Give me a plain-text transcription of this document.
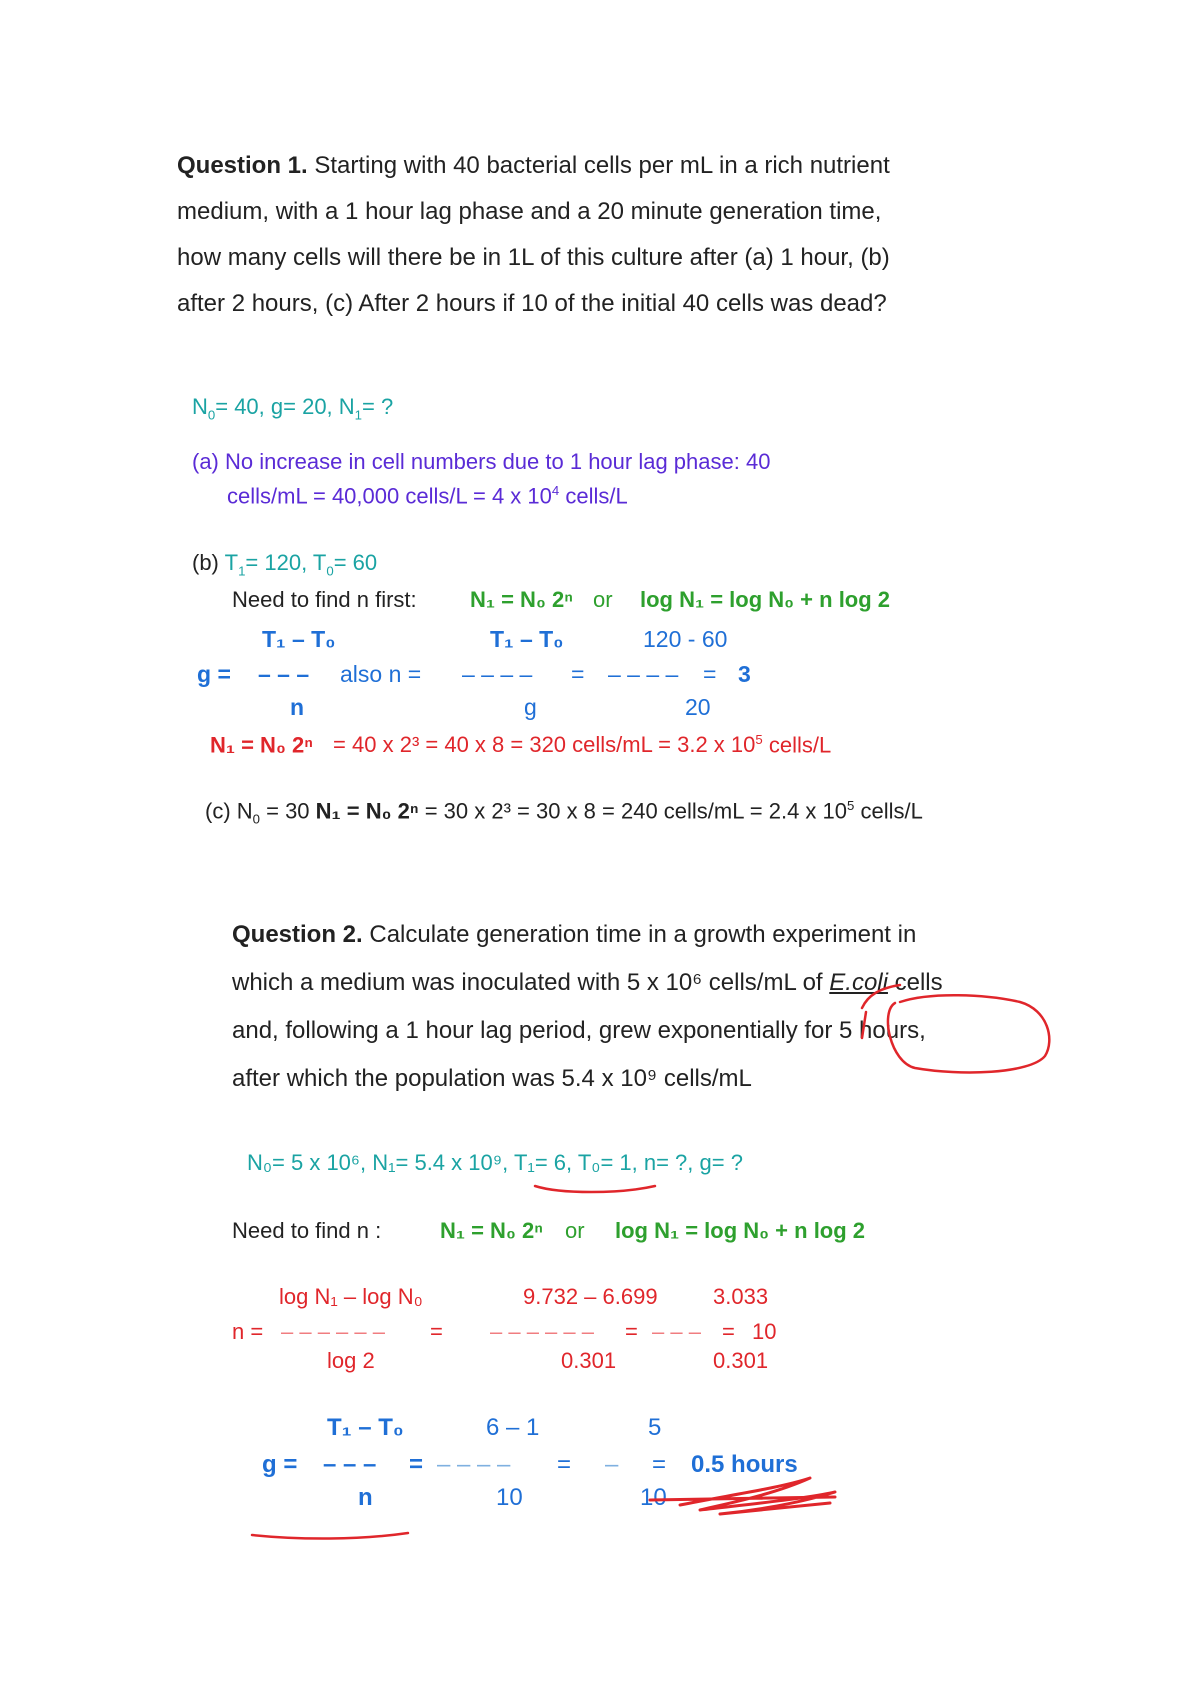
Question 1. Starting with 40 bacterial cells per mL in a rich nutrient
medium, with a 1 hour lag phase and a 20 minute generation time,
how many cells will there be in 1L of this culture after (a) 1 hour, (b)
after 2 hours, (c) After 2 hours if 10 of the initial 40 cells was dead?
$N_0= 40$, g= 20, $N_1=$ ?
(a) No increase in cell numbers due to 1 hour lag phase: 40
cells/mL = 40,000 cells/L = 4 x $10^4$ cells/L
(b) $T_1= 120$, $T_0= 60$
Need to find n first: N₁ = N₀ 2ⁿ or log N₁ = log N₀ + n log 2
T₁ – T₀
g = – – – also n =
T₁ – T₀
– – – – =
120 - 60
– – – – = 3
n	g	20
N₁ = N₀ 2ⁿ = 40 x 2³ = 40 x 8 = 320 cells/mL = 3.2 x $10^5$ cells/L
(c) $N_0 = 30$ N₁ = N₀ 2ⁿ = 30 x 2³ = 30 x 8 = 240 cells/mL = 2.4 x $10^5$ cells/L
Question 2. Calculate generation time in a growth experiment in
which a medium was inoculated with 5 x 10⁶ cells/mL of E.coli cells
and, following a 1 hour lag period, grew exponentially for 5 hours,
after which the population was 5.4 x 10⁹ cells/mL
N₀= 5 x 10⁶, N₁= 5.4 x 10⁹, T₁= 6, T₀= 1, n= ?, g= ?
Need to find n :	N₁ = N₀ 2ⁿ or log N₁ = log N₀ + n log 2
log N₁ – log N₀
n = – – – – – – =
9.732 – 6.699
– – – – – – =
3.033
– – – = 10
log 2	0.301	0.301
T₁ – T₀
g = – – – =
6 – 1
– – – – =
5
– = 0.5 hours
n	10	10
